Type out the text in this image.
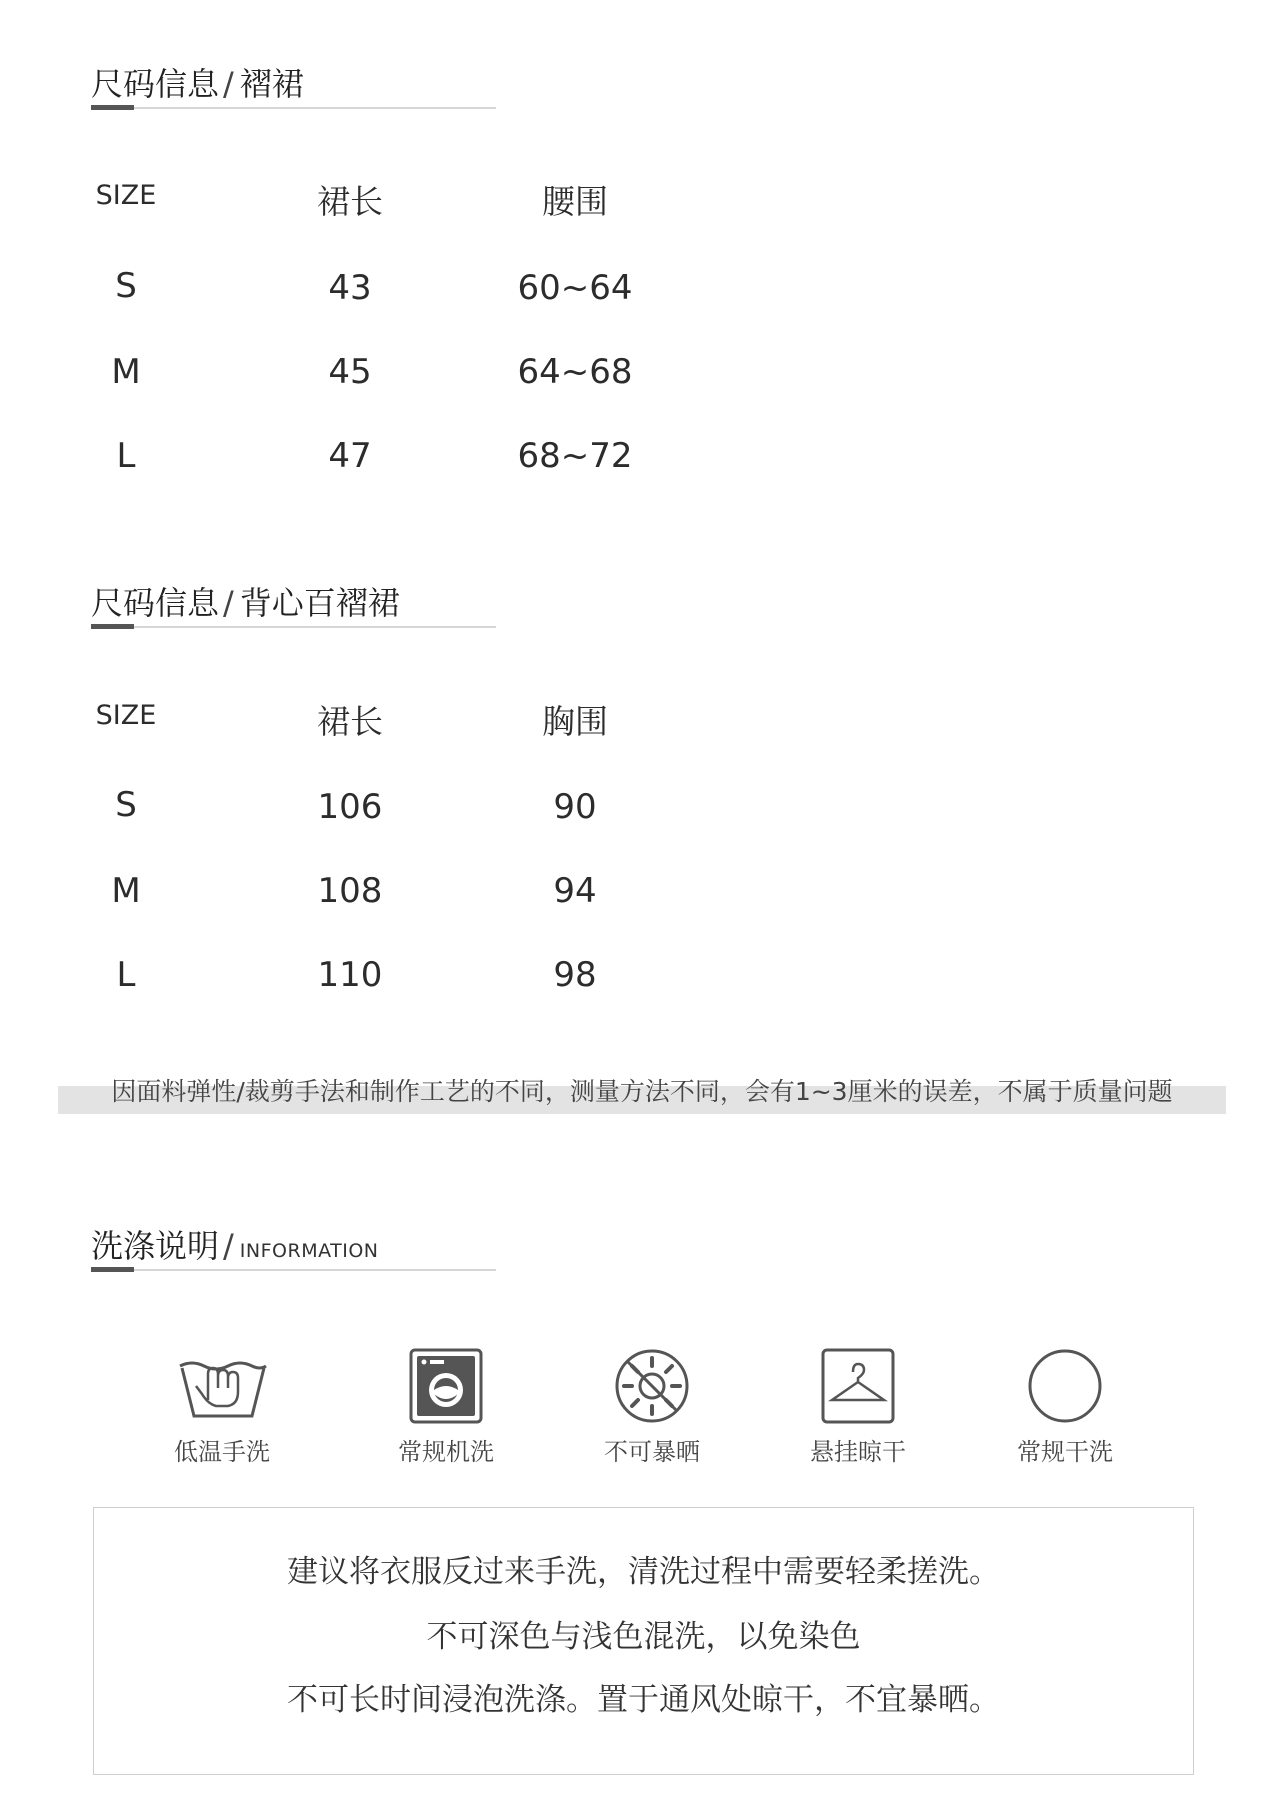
尺码信息 / 褶裙
SIZE	裙长	腰围
S	43	60~64
M	45	64~68
L	47	68~72
尺码信息 / 背心百褶裙
SIZE	裙长	胸围
S	106	90
M	108	94
L	110	98
因面料弹性/裁剪手法和制作工艺的不同，测量方法不同，会有1~3厘米的误差，不属于质量问题
洗涤说明 / INFORMATION
低温手洗	常规机洗	不可暴晒	悬挂晾干	常规干洗
建议将衣服反过来手洗，清洗过程中需要轻柔搓洗。
不可深色与浅色混洗，以免染色
不可长时间浸泡洗涤。置于通风处晾干，不宜暴晒。
